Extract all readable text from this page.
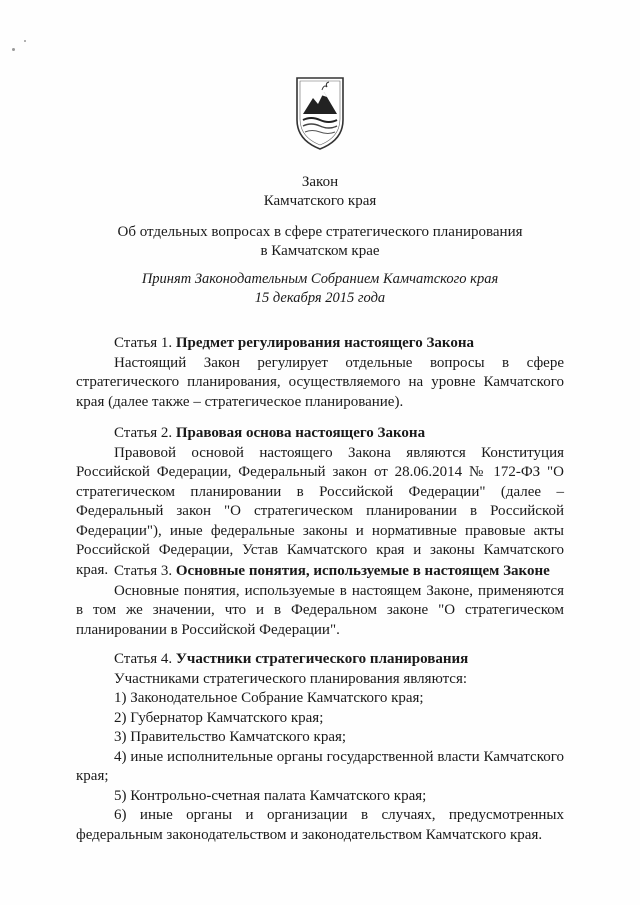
Закон
Камчатского края
Об отдельных вопросах в сфере стратегического планирования
в Камчатском крае
Принят Законодательным Собранием Камчатского края
15 декабря 2015 года
Статья 1. Предмет регулирования настоящего Закона

Настоящий Закон регулирует отдельные вопросы в сфере стратегического планирования, осуществляемого на уровне Камчатского края (далее также – стратегическое планирование).

Статья 2. Правовая основа настоящего Закона

Правовой основой настоящего Закона являются Конституция Российской Федерации, Федеральный закон от 28.06.2014 № 172-ФЗ "О стратегическом планировании в Российской Федерации" (далее – Федеральный закон "О стратегическом планировании в Российской Федерации"), иные федеральные законы и нормативные правовые акты Российской Федерации, Устав Камчатского края и законы Камчатского края. Статья 3. Основные понятия, используемые в настоящем Законе

Основные понятия, используемые в настоящем Законе, применяются в том же значении, что и в Федеральном законе "О стратегическом планировании в Российской Федерации".

Статья 4. Участники стратегического планирования

Участниками стратегического планирования являются:

1) Законодательное Собрание Камчатского края;

2) Губернатор Камчатского края;

3) Правительство Камчатского края;

4) иные исполнительные органы государственной власти Камчатского края;

5) Контрольно-счетная палата Камчатского края;

6) иные органы и организации в случаях, предусмотренных федеральным законодательством и законодательством Камчатского края.
